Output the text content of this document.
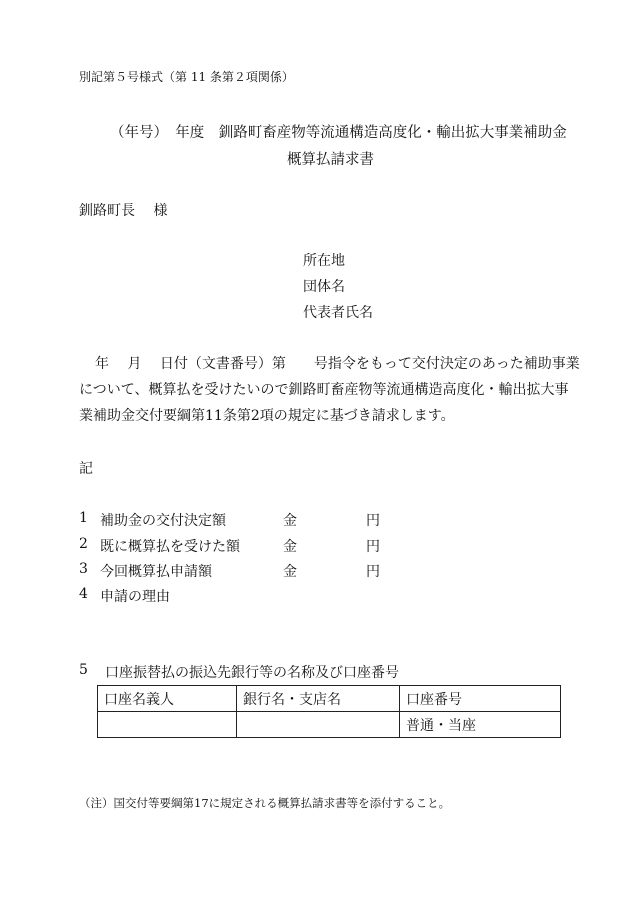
別記第５号様式（第 11 条第２項関係）
（年号）　年度　釧路町畜産物等流通構造高度化・輸出拡大事業補助金
概算払請求書
釧路町長　 様
所在地
団体名
代表者氏名
年　 月　 日付（文書番号）第　　号指令をもって交付決定のあった補助事業
について、概算払を受けたいので釧路町畜産物等流通構造高度化・輸出拡大事
業補助金交付要綱第11条第2項の規定に基づき請求します。
記
1 補助金の交付決定額	金	円
2 既に概算払を受けた額	金	円
3 今回概算払申請額	金	円
4 申請の理由
5 口座振替払の振込先銀行等の名称及び口座番号
口座名義人	銀行名・支店名	口座番号
		普通・当座
（注）国交付等要綱第17に規定される概算払請求書等を添付すること。
